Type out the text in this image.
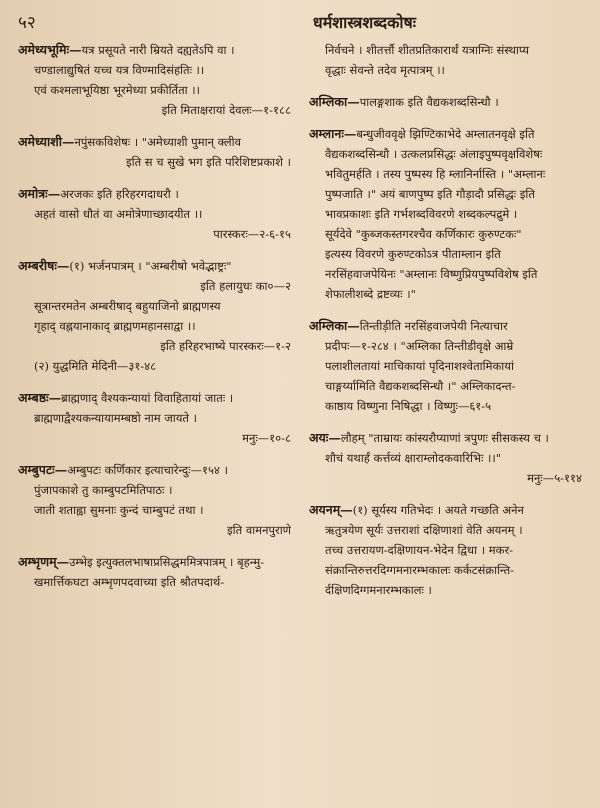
५२	धर्मशास्त्रशब्दकोषः
अमेध्यभूमिः—यत्र प्रसूयते नारी म्रियते दह्यतेऽपि वा ।
चण्डालाद्युषितं यच्च यत्र विण्मादिसंहतिः ।।
एवं कश्मलाभूयिष्ठा भूरमेध्या प्रकीर्तिता ।।
इति मिताक्षरायां देवलः—१-१८८
अमेध्याशी—नपुंसकविशेषः । "अमेध्याशी पुमान् क्लीव
इति स च सुखे भग इति परिशिष्टप्रकाशे ।
अमोत्रः—अरजकः इति हरिहरगदाधरौ ।
अहतं वासो धौतं वा अमोत्रेणाच्छादयीत ।।
पारस्करः—२-६-१५
अम्बरीषः—(१) भर्जनपात्रम् । "अम्बरीषो भवेद्भाष्ट्रः"
इति हलायुधः का०—२
सूत्रान्तरमतेन अम्बरीषाद् बहुयाजिनो ब्राह्मणस्य
गृहाद् वह्नयानाकाद् ब्राह्मणमहानसाद्वा ।।
इति हरिहरभाष्ये पारस्करः—१-२
(२) युद्धमिति मेदिनी—३१-४८
अम्बष्ठः—ब्राह्मणाद् वैश्यकन्यायां विवाहितायां जातः ।
ब्राह्मणाद्वैश्यकन्यायामम्बष्ठो नाम जायते ।
मनुः—१०-८
अम्बुपटः—अम्बुपटः कर्णिकार इत्याचारेन्दुः—१५४ ।
पुंजापकाशे तु काम्बुपटमितिपाठः ।
जाती शताह्वा सुमनाः कुन्दं चाम्बुपटं तथा ।
इति वामनपुराणे
अम्भृणम्—उम्भेइ इत्युक्तलभाषाप्रसिद्धममित्रपात्रम् । बृहन्मु-
खमार्त्तिकघटा अम्भृणपदवाच्या इति श्रौतपदार्थ-
निर्वचने । शीतर्त्तौ शीतप्रतिकारार्थं यत्राग्निः संस्थाप्य
वृद्धाः सेवन्ते तदेव मृत्पात्रम् ।।
अम्लिका—पालङ्गशाक इति वैद्यकशब्दसिन्धौ ।
अम्लानः—बन्धुजीववृक्षे झिण्टिकाभेदे अम्लातनवृक्षे इति
वैद्यकशब्दसिन्धौ । उत्कलप्रसिद्धः अंलाइपुष्पवृक्षविशेषः
भवितुमर्हति । तस्य पुष्पस्य हि म्लानिर्नास्ति । "अम्लानः
पुष्पजाति ।" अयं बाणपुष्प इति गौड़ादौ प्रसिद्धः इति
भावप्रकाशः इति गर्भशब्दविवरणे शब्दकल्पद्रुमे ।
सूर्यदेवे "कुब्जकस्तगरश्चैव कर्णिकारः कुरुण्टकः"
इत्यस्य विवरणे कुरुण्टकोऽत्र पीताम्लान इति
नरसिंहवाजपेयिनः "अम्लानः विष्णुप्रियपुष्पविशेष इति
शेफालीशब्दे द्रष्टव्यः ।"
अम्लिका—तिन्तीड़ीति नरसिंहवाजपेयी नित्याचार
प्रदीपः—१-२८४ । "अम्लिका तिन्तीडीवृक्षे आम्रे
पलाशीलतायां माचिकायां पृदिनाशश्वेतामिकायां
चाङ्गर्य्यामिति वैद्यकशब्दसिन्धौ ।" अम्लिकादन्त-
काष्ठाय विष्णुना निषिद्धा । विष्णुः—६१-५
अयः—लौहम् "ताम्रायः कांस्यरौप्याणां त्रपुणः सीसकस्य च ।
शौचं यथार्हं कर्त्तव्यं क्षाराम्लोदकवारिभिः ।।"
मनुः—५-११४
अयनम्—(१) सूर्यस्य गतिभेदः । अयते गच्छति अनेन
ऋतुत्रयेण सूर्यः उत्तराशां दक्षिणाशां वेति अयनम् ।
तच्च उत्तरायण-दक्षिणायन-भेदेन द्विधा । मकर-
संक्रान्तिरुत्तरदिग्गमनारम्भकालः कर्कटसंक्रान्ति-
र्दक्षिणदिग्गमनारम्भकालः ।
